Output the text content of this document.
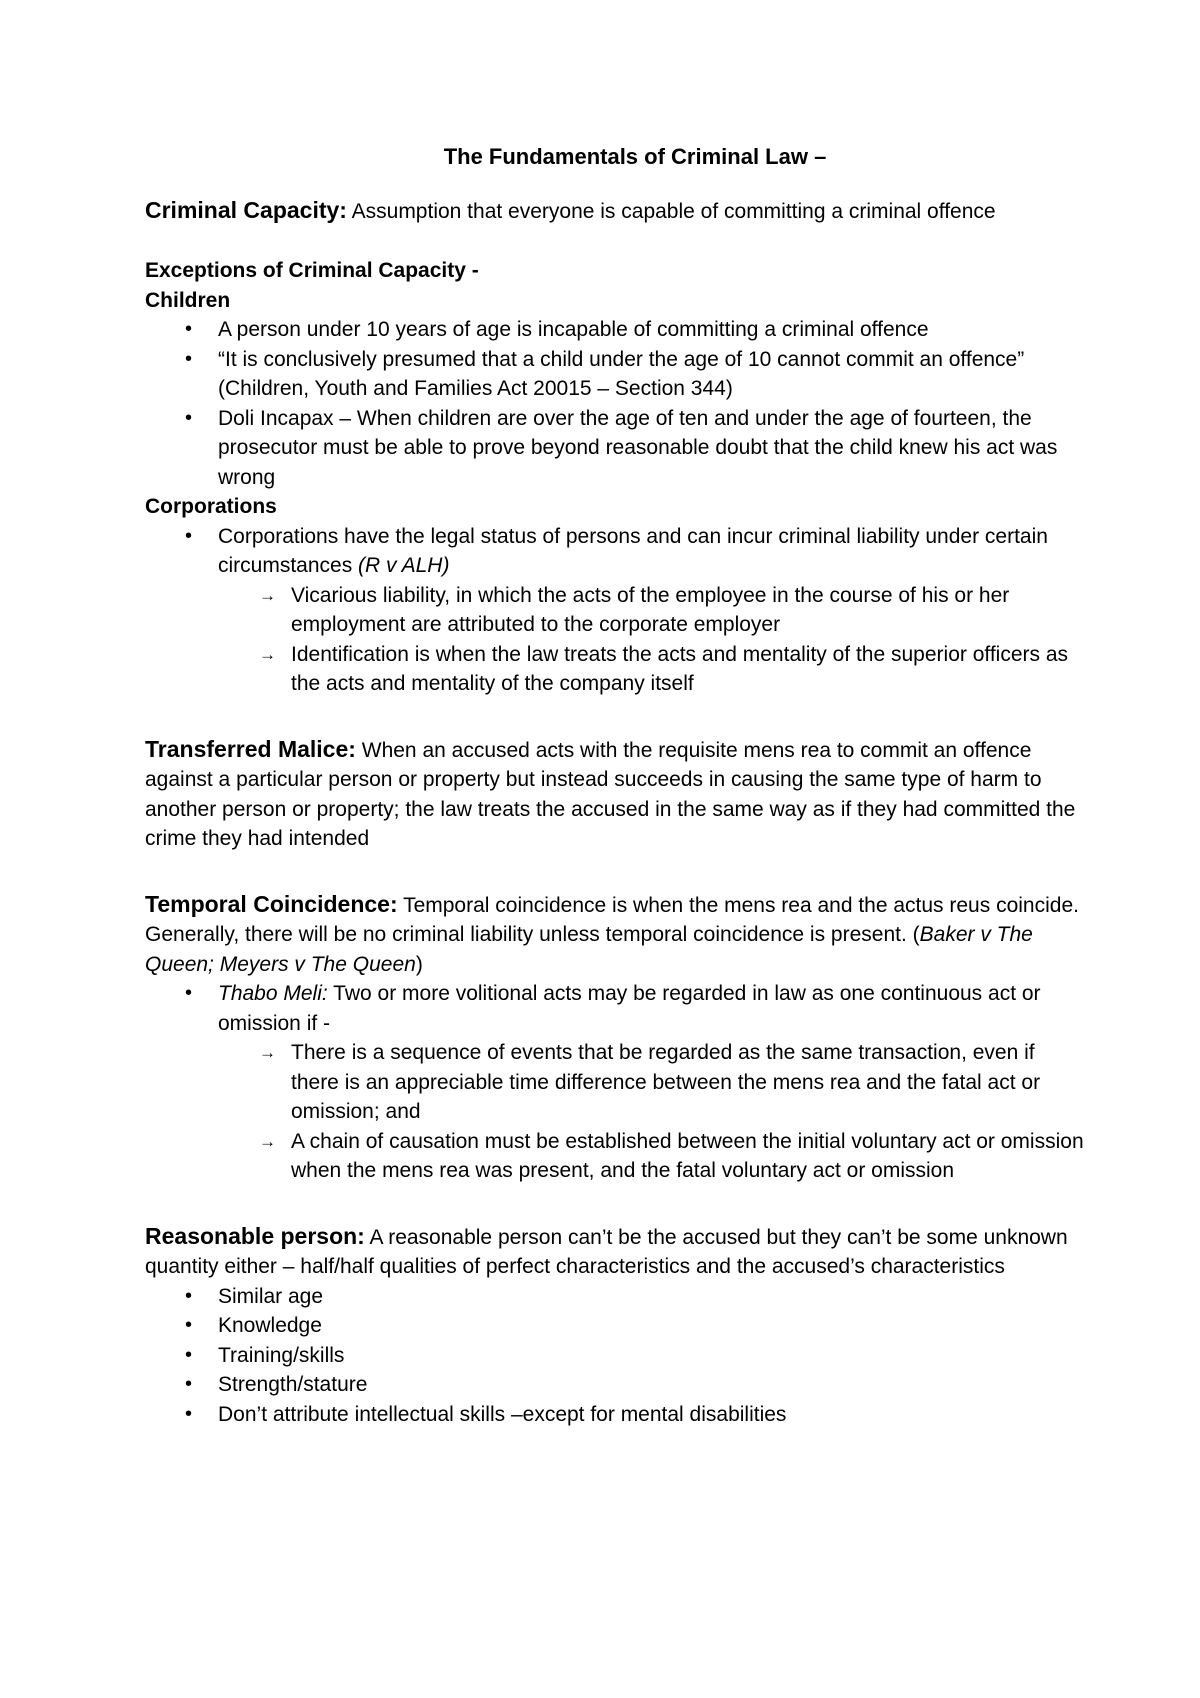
The Fundamentals of Criminal Law –

Criminal Capacity: Assumption that everyone is capable of committing a criminal offence

Exceptions of Criminal Capacity -

Children

• A person under 10 years of age is incapable of committing a criminal offence
• “It is conclusively presumed that a child under the age of 10 cannot commit an offence” (Children, Youth and Families Act 20015 – Section 344)
• Doli Incapax – When children are over the age of ten and under the age of fourteen, the prosecutor must be able to prove beyond reasonable doubt that the child knew his act was wrong

Corporations

• Corporations have the legal status of persons and can incur criminal liability under certain circumstances (R v ALH)
→ Vicarious liability, in which the acts of the employee in the course of his or her employment are attributed to the corporate employer
→ Identification is when the law treats the acts and mentality of the superior officers as the acts and mentality of the company itself

Transferred Malice: When an accused acts with the requisite mens rea to commit an offence against a particular person or property but instead succeeds in causing the same type of harm to another person or property; the law treats the accused in the same way as if they had committed the crime they had intended

Temporal Coincidence: Temporal coincidence is when the mens rea and the actus reus coincide. Generally, there will be no criminal liability unless temporal coincidence is present. (Baker v The Queen; Meyers v The Queen)

• Thabo Meli: Two or more volitional acts may be regarded in law as one continuous act or omission if -
→ There is a sequence of events that be regarded as the same transaction, even if there is an appreciable time difference between the mens rea and the fatal act or omission; and
→ A chain of causation must be established between the initial voluntary act or omission when the mens rea was present, and the fatal voluntary act or omission

Reasonable person: A reasonable person can’t be the accused but they can’t be some unknown quantity either – half/half qualities of perfect characteristics and the accused’s characteristics

• Similar age
• Knowledge
• Training/skills
• Strength/stature
• Don’t attribute intellectual skills –except for mental disabilities
